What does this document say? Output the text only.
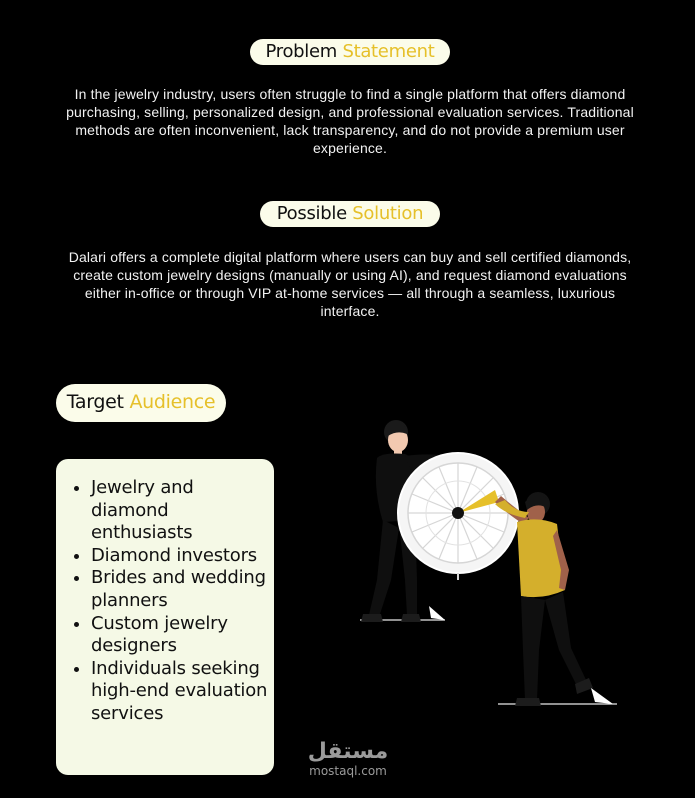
Problem Statement
In the jewelry industry, users often struggle to find a single platform that offers diamond purchasing, selling, personalized design, and professional evaluation services. Traditional methods are often inconvenient, lack transparency, and do not provide a premium user experience.
Possible Solution
Dalari offers a complete digital platform where users can buy and sell certified diamonds, create custom jewelry designs (manually or using AI), and request diamond evaluations either in-office or through VIP at-home services — all through a seamless, luxurious interface.
Target Audience
• Jewelry and diamond enthusiasts
• Diamond investors
• Brides and wedding planners
• Custom jewelry designers
• Individuals seeking high-end evaluation services
مستقل
mostaql.com
